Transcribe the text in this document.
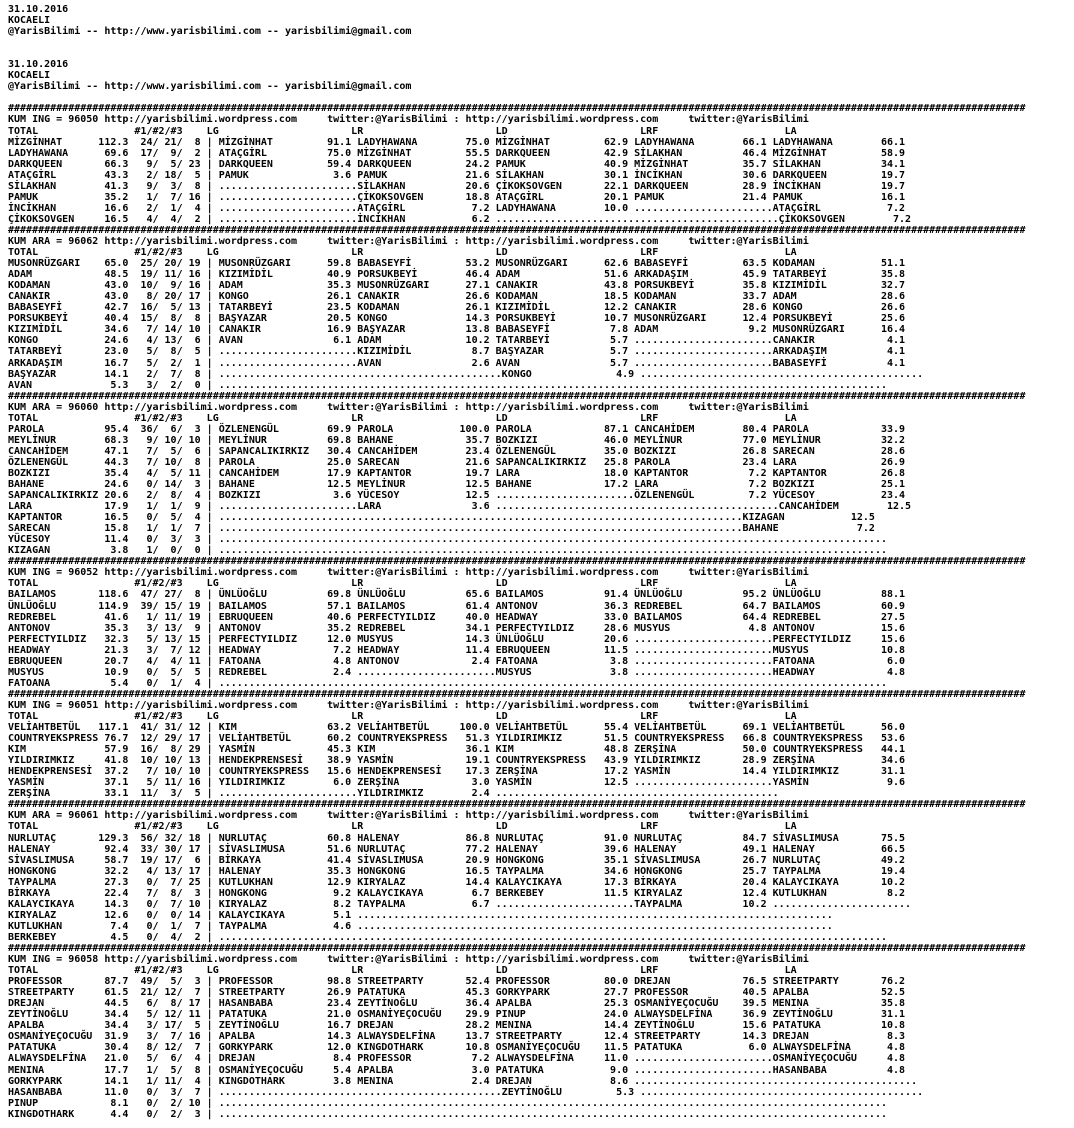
31.10.2016
KOCAELI
@YarisBilimi -- http://www.yarisbilimi.com -- yarisbilimi@gmail.com

31.10.2016
KOCAELI
@YarisBilimi -- http://www.yarisbilimi.com -- yarisbilimi@gmail.com

#########################################################################################################################################################################
KUM ING = 96050 http://yarisbilimi.wordpress.com     twitter:@YarisBilimi : http://yarisbilimi.wordpress.com     twitter:@YarisBilimi
TOTAL                #1/#2/#3    LG                      LR                      LD                      LRF                     LA
MİZGİNHAT      112.3  24/ 21/  8 | MİZGİNHAT         91.1 LADYHAWANA        75.0 MİZGİNHAT         62.9 LADYHAWANA        66.1 LADYHAWANA        66.1
LADYHAWANA      69.6  17/  9/  2 | ATAÇGİRL          75.0 MİZGİNHAT         55.5 DARKQUEEN         42.9 SİLAKHAN          46.4 MİZGİNHAT         58.9
DARKQUEEN       66.3   9/  5/ 23 | DARKQUEEN         59.4 DARKQUEEN         24.2 PAMUK             40.9 MİZGİNHAT         35.7 SİLAKHAN          34.1
ATAÇGİRL        43.3   2/ 18/  5 | PAMUK              3.6 PAMUK             21.6 SİLAKHAN          30.1 İNCİKHAN          30.6 DARKQUEEN         19.7
SİLAKHAN        41.3   9/  3/  8 | .......................SİLAKHAN          20.6 ÇİKOKSOVGEN       22.1 DARKQUEEN         28.9 İNCİKHAN          19.7
PAMUK           35.2   1/  7/ 16 | .......................ÇİKOKSOVGEN       18.8 ATAÇGİRL          20.1 PAMUK             21.4 PAMUK             16.1
İNCİKHAN        16.6   2/  1/  4 | .......................ATAÇGİRL           7.2 LADYHAWANA        10.0 .......................ATAÇGİRL           7.2
ÇİKOKSOVGEN     16.5   4/  4/  2 | .......................İNCİKHAN           6.2 ...............................................ÇİKOKSOVGEN        7.2
#########################################################################################################################################################################
KUM ARA = 96062 http://yarisbilimi.wordpress.com     twitter:@YarisBilimi : http://yarisbilimi.wordpress.com     twitter:@YarisBilimi
TOTAL                #1/#2/#3    LG                      LR                      LD                      LRF                     LA
MUSONRÜZGARI    65.0  25/ 20/ 19 | MUSONRÜZGARI      59.8 BABASEYFİ         53.2 MUSONRÜZGARI      62.6 BABASEYFİ         63.5 KODAMAN           51.1
ADAM            48.5  19/ 11/ 16 | KIZIMİDİL         40.9 PORSUKBEYİ        46.4 ADAM              51.6 ARKADAŞIM         45.9 TATARBEYİ         35.8
KODAMAN         43.0  10/  9/ 16 | ADAM              35.3 MUSONRÜZGARI      27.1 CANAKIR           43.8 PORSUKBEYİ        35.8 KIZIMİDİL         32.7
CANAKIR         43.0   8/ 20/ 17 | KONGO             26.1 CANAKIR           26.6 KODAMAN           18.5 KODAMAN           33.7 ADAM              28.6
BABASEYFİ       42.7  16/  5/ 13 | TATARBEYİ         23.5 KODAMAN           26.1 KIZIMİDİL         12.2 CANAKIR           28.6 KONGO             26.6
PORSUKBEYİ      40.4  15/  8/  8 | BAŞYAZAR          20.5 KONGO             14.3 PORSUKBEYİ        10.7 MUSONRÜZGARI      12.4 PORSUKBEYİ        25.6
KIZIMİDİL       34.6   7/ 14/ 10 | CANAKIR           16.9 BAŞYAZAR          13.8 BABASEYFİ          7.8 ADAM               9.2 MUSONRÜZGARI      16.4
KONGO           24.6   4/ 13/  6 | AVAN               6.1 ADAM              10.2 TATARBEYİ          5.7 .......................CANAKIR            4.1
TATARBEYİ       23.0   5/  8/  5 | .......................KIZIMİDİL          8.7 BAŞYAZAR           5.7 .......................ARKADAŞIM          4.1
ARKADAŞIM       16.7   5/  2/  1 | .......................AVAN               2.6 AVAN               5.7 .......................BABASEYFİ          4.1
BAŞYAZAR        14.1   2/  7/  8 | ...............................................KONGO              4.9 ...............................................
AVAN             5.3   3/  2/  0 | ...............................................................................................................
#########################################################################################################################################################################
KUM ARA = 96060 http://yarisbilimi.wordpress.com     twitter:@YarisBilimi : http://yarisbilimi.wordpress.com     twitter:@YarisBilimi
TOTAL                #1/#2/#3    LG                      LR                      LD                      LRF                     LA
PAROLA          95.4  36/  6/  3 | ÖZLENENGÜL        69.9 PAROLA           100.0 PAROLA            87.1 CANCAHİDEM        80.4 PAROLA            33.9
MEYLİNUR        68.3   9/ 10/ 10 | MEYLİNUR          69.8 BAHANE            35.7 BOZKIZI           46.0 MEYLİNUR          77.0 MEYLİNUR          32.2
CANCAHİDEM      47.1   7/  5/  6 | SAPANCALIKIRKIZ   30.4 CANCAHİDEM        23.4 ÖZLENENGÜL        35.0 BOZKIZI           26.8 SARECAN           28.6
ÖZLENENGÜL      44.3   7/ 10/  8 | PAROLA            25.0 SARECAN           21.6 SAPANCALIKIRKIZ   25.8 PAROLA            23.4 LARA              26.9
BOZKIZI         35.4   4/  5/ 11 | CANCAHİDEM        17.9 KAPTANTOR         19.7 LARA              18.0 KAPTANTOR          7.2 KAPTANTOR         26.8
BAHANE          24.6   0/ 14/  3 | BAHANE            12.5 MEYLİNUR          12.5 BAHANE            17.2 LARA               7.2 BOZKIZI           25.1
SAPANCALIKIRKIZ 20.6   2/  8/  4 | BOZKIZI            3.6 YÜCESOY           12.5 .......................ÖZLENENGÜL         7.2 YÜCESOY           23.4
LARA            17.9   1/  1/  9 | .......................LARA               3.6 ...............................................CANCAHİDEM        12.5
KAPTANTOR       16.5   0/  5/  4 | .......................................................................................KIZAGAN           12.5
SARECAN         15.8   1/  1/  7 | .......................................................................................BAHANE             7.2
YÜCESOY         11.4   0/  3/  3 | ...............................................................................................................
KIZAGAN          3.8   1/  0/  0 | ...............................................................................................................
#########################################################################################################################################################################
KUM ING = 96052 http://yarisbilimi.wordpress.com     twitter:@YarisBilimi : http://yarisbilimi.wordpress.com     twitter:@YarisBilimi
TOTAL                #1/#2/#3    LG                      LR                      LD                      LRF                     LA
BAILAMOS       118.6  47/ 27/  8 | ÜNLÜOĞLU          69.8 ÜNLÜOĞLU          65.6 BAILAMOS          91.4 ÜNLÜOĞLU          95.2 ÜNLÜOĞLU          88.1
ÜNLÜOĞLU       114.9  39/ 15/ 19 | BAILAMOS          57.1 BAILAMOS          61.4 ANTONOV           36.3 REDREBEL          64.7 BAILAMOS          60.9
REDREBEL        41.6   1/ 11/ 19 | EBRUQUEEN         40.6 PERFECTYILDIZ     40.0 HEADWAY           33.0 BAILAMOS          64.4 REDREBEL          27.5
ANTONOV         35.3   3/ 13/  9 | ANTONOV           35.2 REDREBEL          34.1 PERFECTYILDIZ     28.6 MUSYUS             4.8 ANTONOV           15.6
PERFECTYILDIZ   32.3   5/ 13/ 15 | PERFECTYILDIZ     12.0 MUSYUS            14.3 ÜNLÜOĞLU          20.6 .......................PERFECTYILDIZ     15.6
HEADWAY         21.3   3/  7/ 12 | HEADWAY            7.2 HEADWAY           11.4 EBRUQUEEN         11.5 .......................MUSYUS            10.8
EBRUQUEEN       20.7   4/  4/ 11 | FATOANA            4.8 ANTONOV            2.4 FATOANA            3.8 .......................FATOANA            6.0
MUSYUS          10.9   0/  5/  5 | REDREBEL           2.4 .......................MUSYUS             3.8 .......................HEADWAY            4.8
FATOANA          5.4   0/  1/  4 | ...............................................................................................................
#########################################################################################################################################################################
KUM ING = 96051 http://yarisbilimi.wordpress.com     twitter:@YarisBilimi : http://yarisbilimi.wordpress.com     twitter:@YarisBilimi
TOTAL                #1/#2/#3    LG                      LR                      LD                      LRF                     LA
VELİAHTBETÜL   117.1  41/ 31/ 12 | KIM               63.2 VELİAHTBETÜL     100.0 VELİAHTBETÜL      55.4 VELİAHTBETÜL      69.1 VELİAHTBETÜL      56.0
COUNTRYEKSPRESS 76.7  12/ 29/ 17 | VELİAHTBETÜL      60.2 COUNTRYEKSPRESS   51.3 YILDIRIMKIZ       51.5 COUNTRYEKSPRESS   66.8 COUNTRYEKSPRESS   53.6
KIM             57.9  16/  8/ 29 | YASMİN            45.3 KIM               36.1 KIM               48.8 ZERŞİNA           50.0 COUNTRYEKSPRESS   44.1
YILDIRIMKIZ     41.8  10/ 10/ 13 | HENDEKPRENSESİ    38.9 YASMİN            19.1 COUNTRYEKSPRESS   43.9 YILDIRIMKIZ       28.9 ZERŞİNA           34.6
HENDEKPRENSESİ  37.2   7/ 10/ 10 | COUNTRYEKSPRESS   15.6 HENDEKPRENSESİ    17.3 ZERŞİNA           17.2 YASMİN            14.4 YILDIRIMKIZ       31.1
YASMİN          37.1   5/ 11/ 16 | YILDIRIMKIZ        6.0 ZERŞİNA            3.0 YASMİN            12.5 .......................YASMİN             9.6
ZERŞİNA         33.1  11/  3/  5 | .......................YILDIRIMKIZ        2.4 ...............................................
#########################################################################################################################################################################
KUM ARA = 96061 http://yarisbilimi.wordpress.com     twitter:@YarisBilimi : http://yarisbilimi.wordpress.com     twitter:@YarisBilimi
TOTAL                #1/#2/#3    LG                      LR                      LD                      LRF                     LA
NURLUTAÇ       129.3  56/ 32/ 18 | NURLUTAÇ          60.8 HALENAY           86.8 NURLUTAÇ          91.0 NURLUTAÇ          84.7 SİVASLIMUSA       75.5
HALENAY         92.4  33/ 30/ 17 | SİVASLIMUSA       51.6 NURLUTAÇ          77.2 HALENAY           39.6 HALENAY           49.1 HALENAY           66.5
SİVASLIMUSA     58.7  19/ 17/  6 | BİRKAYA           41.4 SİVASLIMUSA       20.9 HONGKONG          35.1 SİVASLIMUSA       26.7 NURLUTAÇ          49.2
HONGKONG        32.2   4/ 13/ 17 | HALENAY           35.3 HONGKONG          16.5 TAYPALMA          34.6 HONGKONG          25.7 TAYPALMA          19.4
TAYPALMA        27.3   0/  7/ 25 | KUTLUKHAN         12.9 KIRYALAZ          14.4 KALAYCIKAYA       17.3 BİRKAYA           20.4 KALAYCIKAYA       10.2
BİRKAYA         22.4   7/  8/  3 | HONGKONG           9.2 KALAYCIKAYA        6.7 BERKEBEY          11.5 KIRYALAZ          12.4 KUTLUKHAN          8.2
KALAYCIKAYA     14.3   0/  7/ 10 | KIRYALAZ           8.2 TAYPALMA           6.7 .......................TAYPALMA          10.2 .......................
KIRYALAZ        12.6   0/  0/ 14 | KALAYCIKAYA        5.1 ...............................................................................
KUTLUKHAN        7.4   0/  1/  7 | TAYPALMA           4.6 ...............................................................................
BERKEBEY         4.5   0/  4/  2 | ...............................................................................................................
#########################################################################################################################################################################
KUM ING = 96058 http://yarisbilimi.wordpress.com     twitter:@YarisBilimi : http://yarisbilimi.wordpress.com     twitter:@YarisBilimi
TOTAL                #1/#2/#3    LG                      LR                      LD                      LRF                     LA
PROFESSOR       87.7  49/  5/  3 | PROFESSOR         98.8 STREETPARTY       52.4 PROFESSOR         80.0 DREJAN            76.5 STREETPARTY       76.2
STREETPARTY     61.5  21/ 12/  7 | STREETPARTY       26.9 PATATUKA          45.3 GORKYPARK         27.7 PROFESSOR         40.5 APALBA            52.5
DREJAN          44.5   6/  8/ 17 | HASANBABA         23.4 ZEYTİNOĞLU        36.4 APALBA            25.3 OSMANİYEÇOCUĞU    39.5 MENINA            35.8
ZEYTİNOĞLU      34.4   5/ 12/ 11 | PATATUKA          21.0 OSMANİYEÇOCUĞU    29.9 PINUP             24.0 ALWAYSDELFİNA     36.9 ZEYTİNOĞLU        31.1
APALBA          34.4   3/ 17/  5 | ZEYTİNOĞLU        16.7 DREJAN            28.2 MENINA            14.4 ZEYTİNOĞLU        15.6 PATATUKA          10.8
OSMANİYEÇOCUĞU  31.9   3/  7/ 16 | APALBA            14.3 ALWAYSDELFİNA     13.7 STREETPARTY       12.4 STREETPARTY       14.3 DREJAN             8.3
PATATUKA        30.4   8/ 12/  7 | GORKYPARK         12.0 KINGDOTHARK       10.8 OSMANİYEÇOCUĞU    11.5 PATATUKA           6.0 ALWAYSDELFİNA      4.8
ALWAYSDELFİNA   21.0   5/  6/  4 | DREJAN             8.4 PROFESSOR          7.2 ALWAYSDELFİNA     11.0 .......................OSMANİYEÇOCUĞU     4.8
MENINA          17.7   1/  5/  8 | OSMANİYEÇOCUĞU     5.4 APALBA             3.0 PATATUKA           9.0 .......................HASANBABA          4.8
GORKYPARK       14.1   1/ 11/  4 | KINGDOTHARK        3.8 MENINA             2.4 DREJAN             8.6 ...............................................
HASANBABA       11.0   0/  3/  7 | ...............................................ZEYTİNOĞLU         5.3 ...............................................
PINUP            8.1   0/  2/ 10 | ...............................................................................................................
KINGDOTHARK      4.4   0/  2/  3 | ...............................................................................................................
